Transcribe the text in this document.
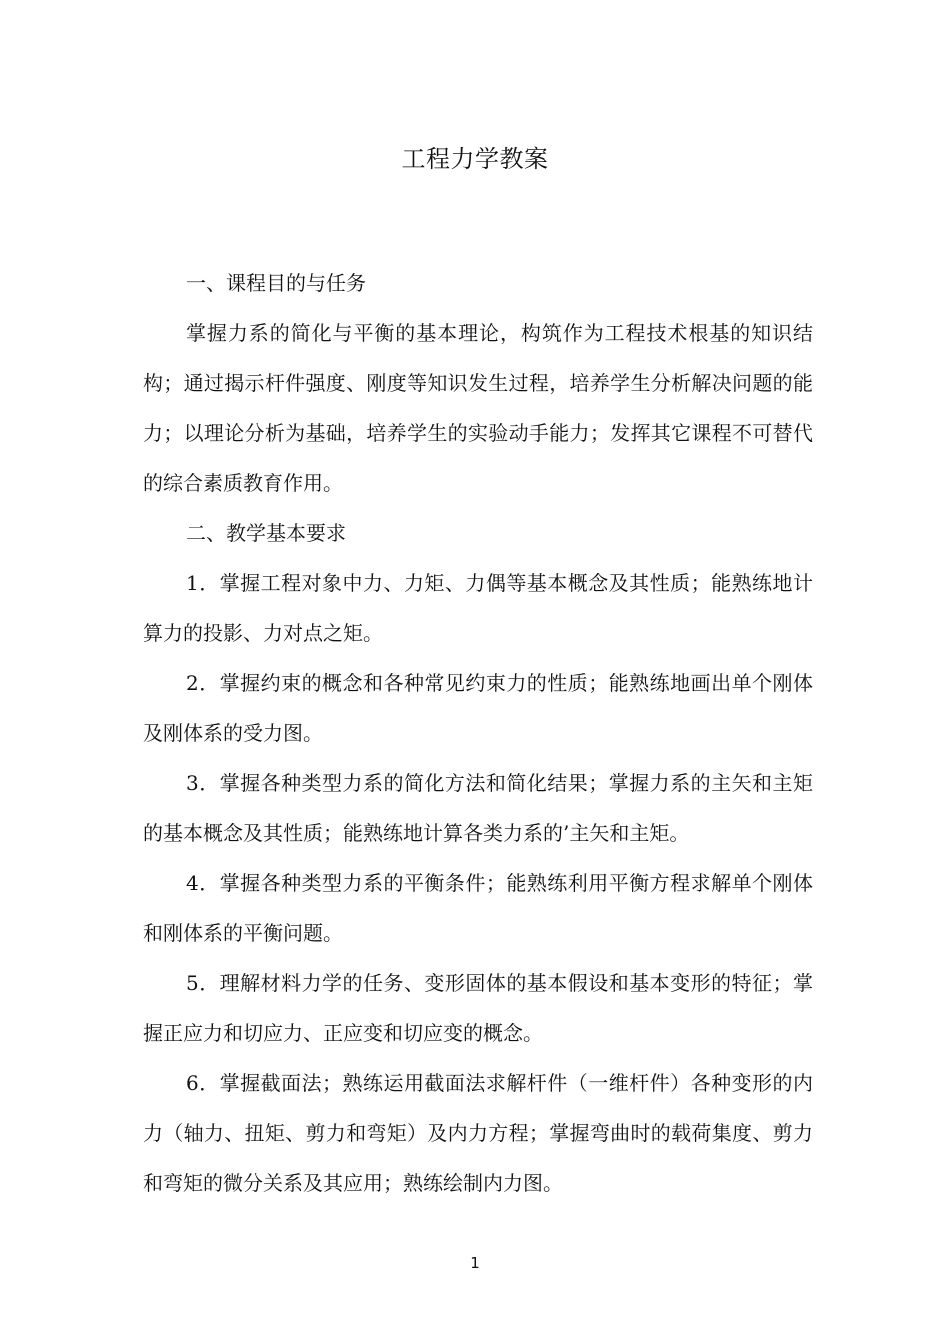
工程力学教案

一、课程目的与任务

掌握力系的简化与平衡的基本理论，构筑作为工程技术根基的知识结构；通过揭示杆件强度、刚度等知识发生过程，培养学生分析解决问题的能力；以理论分析为基础，培养学生的实验动手能力；发挥其它课程不可替代的综合素质教育作用。

二、教学基本要求

1．掌握工程对象中力、力矩、力偶等基本概念及其性质；能熟练地计算力的投影、力对点之矩。

2．掌握约束的概念和各种常见约束力的性质；能熟练地画出单个刚体及刚体系的受力图。

3．掌握各种类型力系的简化方法和简化结果；掌握力系的主矢和主矩的基本概念及其性质；能熟练地计算各类力系的’主矢和主矩。

4．掌握各种类型力系的平衡条件；能熟练利用平衡方程求解单个刚体和刚体系的平衡问题。

5．理解材料力学的任务、变形固体的基本假设和基本变形的特征；掌握正应力和切应力、正应变和切应变的概念。

6．掌握截面法；熟练运用截面法求解杆件（一维杆件）各种变形的内力（轴力、扭矩、剪力和弯矩）及内力方程；掌握弯曲时的载荷集度、剪力和弯矩的微分关系及其应用；熟练绘制内力图。

1
